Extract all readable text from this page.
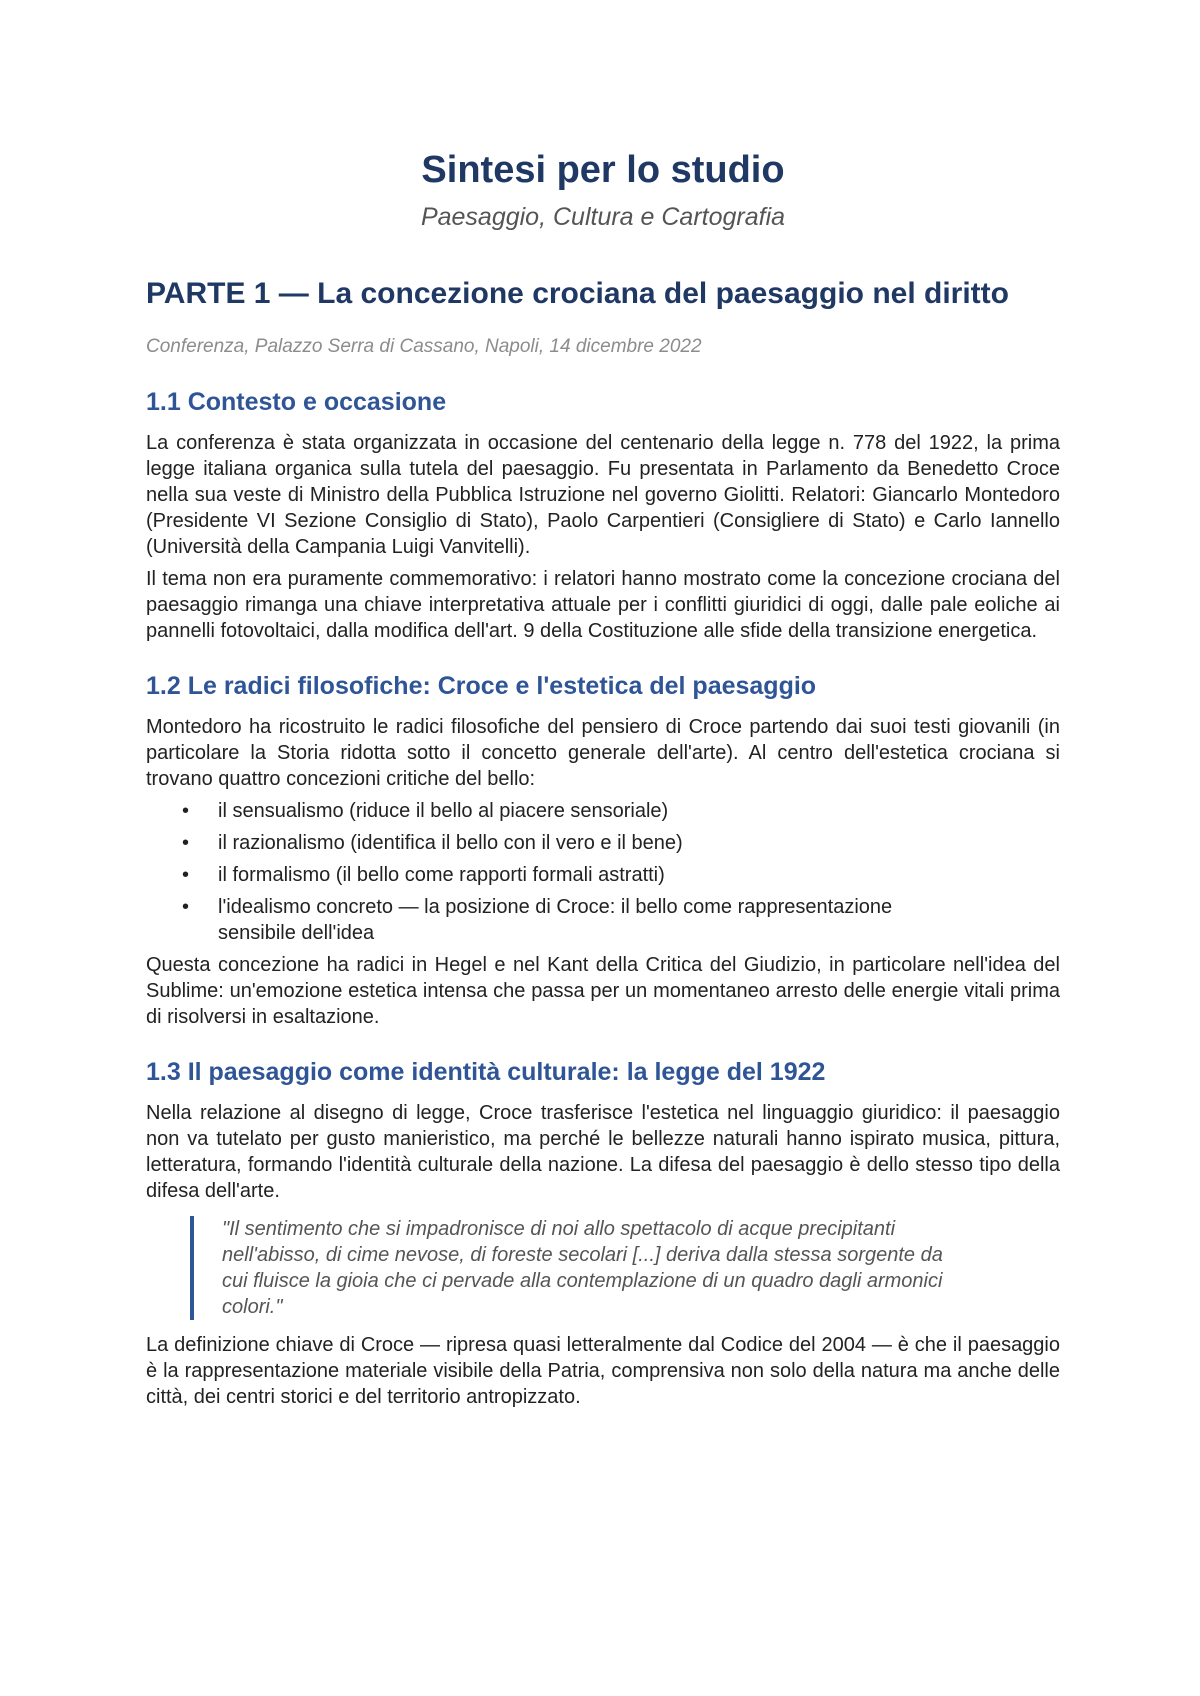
Sintesi per lo studio
Paesaggio, Cultura e Cartografia
PARTE 1 — La concezione crociana del paesaggio nel diritto
Conferenza, Palazzo Serra di Cassano, Napoli, 14 dicembre 2022
1.1 Contesto e occasione

La conferenza è stata organizzata in occasione del centenario della legge n. 778 del 1922, la prima legge italiana organica sulla tutela del paesaggio. Fu presentata in Parlamento da Benedetto Croce nella sua veste di Ministro della Pubblica Istruzione nel governo Giolitti. Relatori: Giancarlo Montedoro (Presidente VI Sezione Consiglio di Stato), Paolo Carpentieri (Consigliere di Stato) e Carlo Iannello (Università della Campania Luigi Vanvitelli).

Il tema non era puramente commemorativo: i relatori hanno mostrato come la concezione crociana del paesaggio rimanga una chiave interpretativa attuale per i conflitti giuridici di oggi, dalle pale eoliche ai pannelli fotovoltaici, dalla modifica dell'art. 9 della Costituzione alle sfide della transizione energetica.

1.2 Le radici filosofiche: Croce e l'estetica del paesaggio

Montedoro ha ricostruito le radici filosofiche del pensiero di Croce partendo dai suoi testi giovanili (in particolare la Storia ridotta sotto il concetto generale dell'arte). Al centro dell'estetica crociana si trovano quattro concezioni critiche del bello:

• il sensualismo (riduce il bello al piacere sensoriale)
• il razionalismo (identifica il bello con il vero e il bene)
• il formalismo (il bello come rapporti formali astratti)
• l'idealismo concreto — la posizione di Croce: il bello come rappresentazione sensibile dell'idea

Questa concezione ha radici in Hegel e nel Kant della Critica del Giudizio, in particolare nell'idea del Sublime: un'emozione estetica intensa che passa per un momentaneo arresto delle energie vitali prima di risolversi in esaltazione.

1.3 Il paesaggio come identità culturale: la legge del 1922

Nella relazione al disegno di legge, Croce trasferisce l'estetica nel linguaggio giuridico: il paesaggio non va tutelato per gusto manieristico, ma perché le bellezze naturali hanno ispirato musica, pittura, letteratura, formando l'identità culturale della nazione. La difesa del paesaggio è dello stesso tipo della difesa dell'arte.

"Il sentimento che si impadronisce di noi allo spettacolo di acque precipitanti nell'abisso, di cime nevose, di foreste secolari [...] deriva dalla stessa sorgente da cui fluisce la gioia che ci pervade alla contemplazione di un quadro dagli armonici colori."

La definizione chiave di Croce — ripresa quasi letteralmente dal Codice del 2004 — è che il paesaggio è la rappresentazione materiale visibile della Patria, comprensiva non solo della natura ma anche delle città, dei centri storici e del territorio antropizzato.
